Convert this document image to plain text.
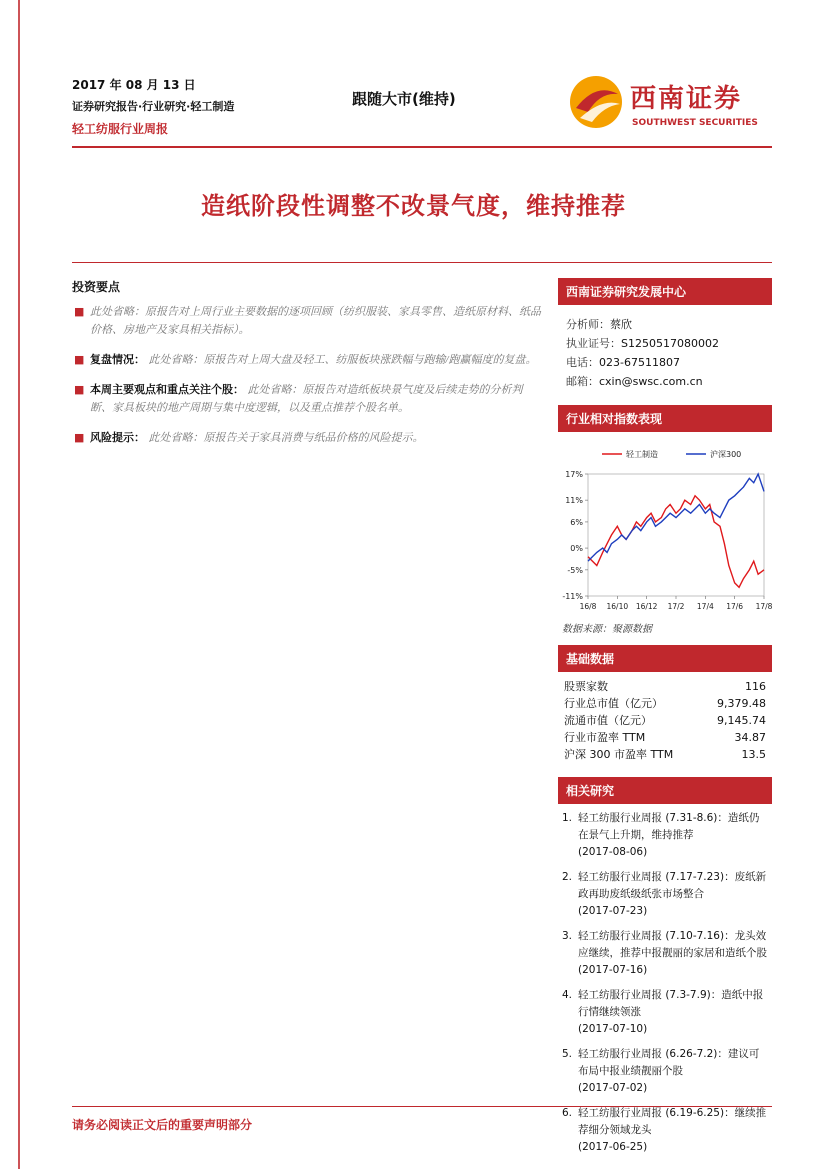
2017 年 08 月 13 日
证券研究报告·行业研究·轻工制造
轻工纺服行业周报
跟随大市(维持)	西南证券
SOUTHWEST SECURITIES
造纸阶段性调整不改景气度，维持推荐
投资要点
■ 此处省略：原报告对上周行业主要数据的逐项回顾（纺织服装、家具零售、造纸原材料、纸品价格、房地产及家具相关指标）。
■ 复盘情况： 此处省略：原报告对上周大盘及轻工、纺服板块涨跌幅与跑输/跑赢幅度的复盘。
■ 本周主要观点和重点关注个股： 此处省略：原报告对造纸板块景气度及后续走势的分析判断、家具板块的地产周期与集中度逻辑，以及重点推荐个股名单。
■ 风险提示： 此处省略：原报告关于家具消费与纸品价格的风险提示。
西南证券研究发展中心
分析师：蔡欣
执业证号：S1250517080002
电话：023-67511807
邮箱：cxin@swsc.com.cn
行业相对指数表现
17%
11%
6%
0%
-5%
-11%
16/8 16/10 16/12 17/2 17/4 17/6 17/8
轻工制造	沪深300
数据来源：聚源数据
基础数据
股票家数	116
行业总市值（亿元）	9,379.48
流通市值（亿元）	9,145.74
行业市盈率 TTM	34.87
沪深 300 市盈率 TTM	13.5
相关研究
1. 轻工纺服行业周报 (7.31-8.6)：造纸仍在景气上升期，维持推荐
(2017-08-06)
2. 轻工纺服行业周报 (7.17-7.23)：废纸新政再助废纸级纸张市场整合
(2017-07-23)
3. 轻工纺服行业周报 (7.10-7.16)：龙头效应继续，推荐中报靓丽的家居和造纸个股
(2017-07-16)
4. 轻工纺服行业周报 (7.3-7.9)：造纸中报行情继续领涨
(2017-07-10)
5. 轻工纺服行业周报 (6.26-7.2)：建议可布局中报业绩靓丽个股
(2017-07-02)
6. 轻工纺服行业周报 (6.19-6.25)：继续推荐细分领域龙头
(2017-06-25)
请务必阅读正文后的重要声明部分
